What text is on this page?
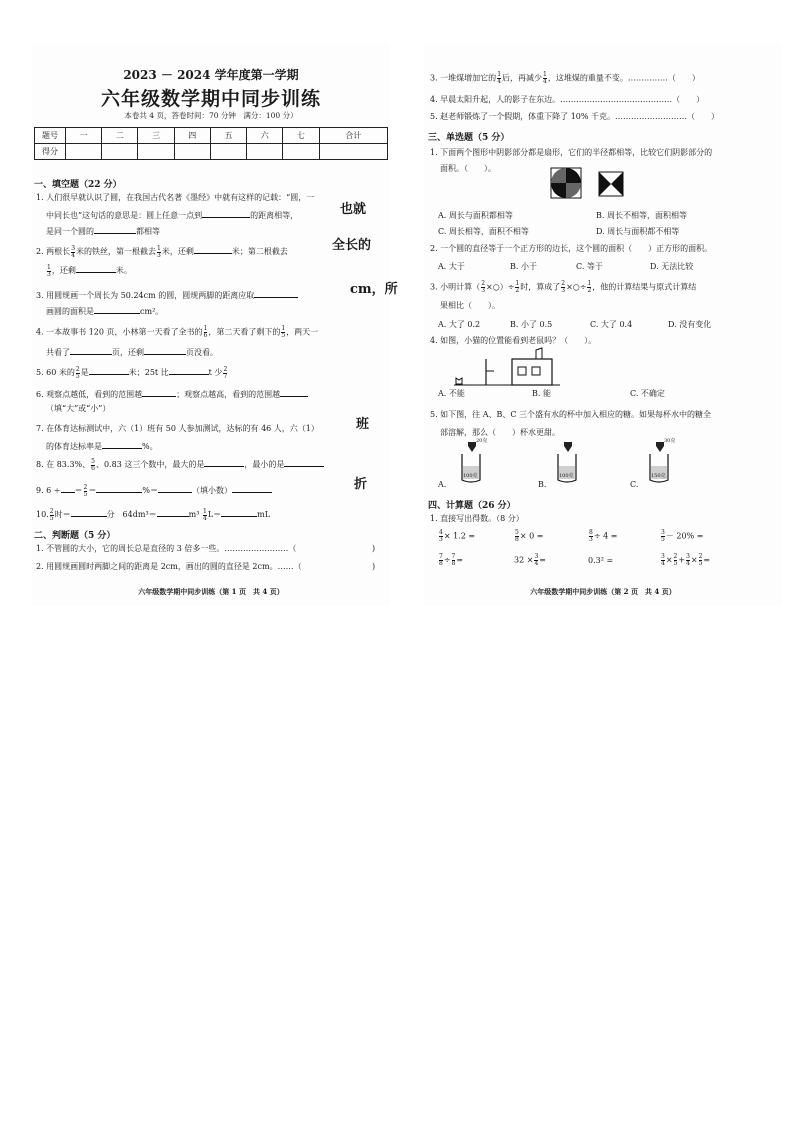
2023 － 2024 学年度第一学期
六年级数学期中同步训练
本卷共 4 页，答卷时间：70 分钟　满分：100 分）
题号	一	二	三	四	五	六	七	合计
得分								
一、填空题（22 分）
1. 人们很早就认识了圆，在我国古代名著《墨经》中就有这样的记载：“圆，一
中同长也”这句话的意思是：圆上任意一点到	的距离相等，	也就
是同一个圆的	都相等
2. 两根长 $\frac{3}{4}$ 米的铁丝，第一根截去 $\frac{1}{3}$ 米，还剩	米；第二根截去	全长的
$\frac{1}{3}$ ，还剩	米。
3. 用圆规画一个周长为 50.24cm 的圆，圆规两脚的距离应取	cm，所
画圆的面积是	cm²。
4. 一本故事书 120 页，小林第一天看了全书的 $\frac{1}{6}$ ，第二天看了剩下的 $\frac{1}{5}$ ，两天一
共看了	页，还剩	页没看。
5. 60 米的 $\frac{2}{5}$ 是	米；25t 比	t 少 $\frac{2}{7}$
6. 观察点越低，看到的范围越	；观察点越高，看到的范围越
（填“大”或“小”）
7. 在体育达标测试中，六（1）班有 50 人参加测试，达标的有 46 人，六（1）	班
的体育达标率是	%。
8. 在 83.3%、 $\frac{5}{6}$ 、0.83 这三个数中，最大的是	，最小的是
9. 6 ÷ ＝ $\frac{2}{5}$ ＝	%＝	（填小数）	折
10. $\frac{2}{5}$ 时＝	分　64dm³＝	$m^3 \frac{1}{4} L=$	mL
二、判断题（5 分）
1. 不管圆的大小，它的周长总是直径的 3 倍多一些。……………………（	)
2. 用圆规画圆时两脚之间的距离是 2cm，画出的圆的直径是 2cm。……（	)
六年级数学期中同步训练（第 1 页　共 4 页）
3. 一堆煤增加它的 $\frac{1}{4}$ 后，再减少 $\frac{1}{4}$ ，这堆煤的重量不变。……………（　　）
4. 早晨太阳升起，人的影子在东边。……………………………………（　　）
5. 赵老师锻炼了一个假期，体重下降了 10% 千克。………………………（　　）
三、单选题（5 分）
1. 下面两个图形中阴影部分都是扇形，它们的半径都相等，比较它们阴影部分的
面积。（　　）。
A. 周长与面积都相等	B. 周长不相等，面积相等
C. 周长相等，面积不相等	D. 周长与面积都不相等
2. 一个圆的直径等于一个正方形的边长，这个圆的面积（　　）正方形的面积。
A. 大于	B. 小于	C. 等于	D. 无法比较
3. 小明计算（ $\frac{2}{3}$ ×○）÷ $\frac{1}{2}$ 时，算成了 $\frac{2}{3}$ ×○÷ $\frac{1}{2}$ ，他的计算结果与原式计算结
果相比（　　）。
A. 大了 0.2	B. 小了 0.5	C. 大了 0.4	D. 没有变化
4. 如图，小猫的位置能看到老鼠吗？（　　）。
A. 不能	B. 能	C. 不确定
5. 如下图，往 A、B、C 三个盛有水的杯中加入相应的糖。如果每杯水中的糖全
部溶解，那么（　　）杯水更甜。
20克
100克	100克
30克
150克
A.	B.	C.
四、计算题（26 分）
1. 直接写出得数。（8 分）
$\frac{4}{3} \times 1.2$ =	$\frac{5}{8} \times 0$ =	$\frac{8}{3} \div 4$ =	$\frac{3}{5} - 20\%$ =
$\frac{7}{8} \div \frac{7}{8}$ =	$32 \times \frac{3}{4}$ =	0.3² =	$\frac{3}{4} \times \frac{2}{5} + \frac{3}{4} \times \frac{2}{5}$ =
六年级数学期中同步训练（第 2 页　共 4 页）
